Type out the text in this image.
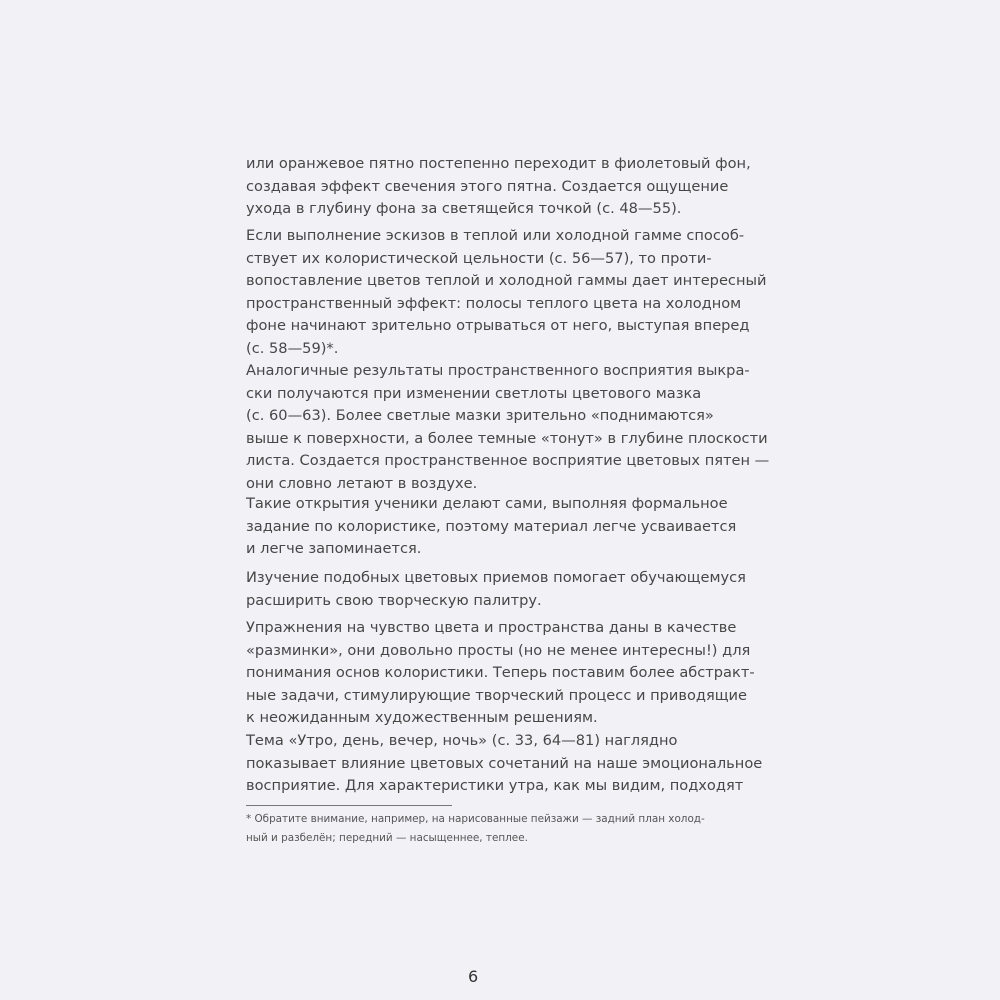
или оранжевое пятно постепенно переходит в фиолетовый фон,
создавая эффект свечения этого пятна. Создается ощущение
ухода в глубину фона за светящейся точкой (с. 48—55).
Если выполнение эскизов в теплой или холодной гамме способ-
ствует их колористической цельности (с. 56—57), то проти-
вопоставление цветов теплой и холодной гаммы дает интересный
пространственный эффект: полосы теплого цвета на холодном
фоне начинают зрительно отрываться от него, выступая вперед
(с. 58—59)*.
Аналогичные результаты пространственного восприятия выкра-
ски получаются при изменении светлоты цветового мазка
(с. 60—63). Более светлые мазки зрительно «поднимаются»
выше к поверхности, а более темные «тонут» в глубине плоскости
листа. Создается пространственное восприятие цветовых пятен —
они словно летают в воздухе.
Такие открытия ученики делают сами, выполняя формальное
задание по колористике, поэтому материал легче усваивается
и легче запоминается.
Изучение подобных цветовых приемов помогает обучающемуся
расширить свою творческую палитру.
Упражнения на чувство цвета и пространства даны в качестве
«разминки», они довольно просты (но не менее интересны!) для
понимания основ колористики. Теперь поставим более абстракт-
ные задачи, стимулирующие творческий процесс и приводящие
к неожиданным художественным решениям.
Тема «Утро, день, вечер, ночь» (с. 33, 64—81) наглядно
показывает влияние цветовых сочетаний на наше эмоциональное
восприятие. Для характеристики утра, как мы видим, подходят
* Обратите внимание, например, на нарисованные пейзажи — задний план холод-
ный и разбелён; передний — насыщеннее, теплее.
6
